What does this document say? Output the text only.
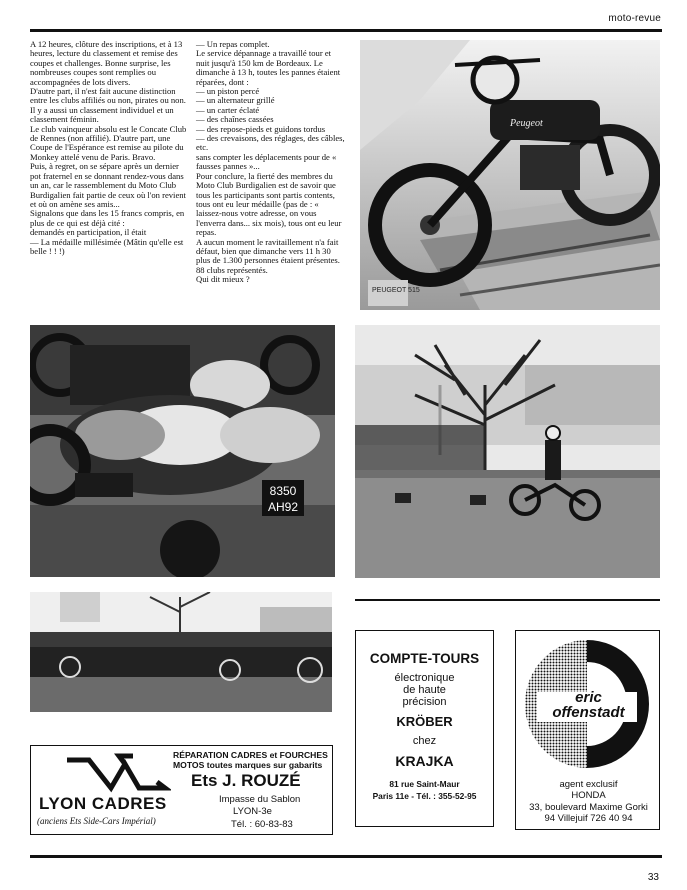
moto-revue

A 12 heures, clôture des inscriptions, et à 13 heures, lecture du classement et remise des coupes et challenges. Bonne surprise, les nombreuses coupes sont remplies ou accompagnées de lots divers.

D'autre part, il n'est fait aucune distinction entre les clubs affiliés ou non, pirates ou non. Il y a aussi un classement individuel et un classement féminin.

Le club vainqueur absolu est le Concate Club de Rennes (non affilié). D'autre part, une Coupe de l'Espérance est remise au pilote du Monkey attelé venu de Paris. Bravo.

Puis, à regret, on se sépare après un dernier pot fraternel en se donnant rendez-vous dans un an, car le rassemblement du Moto Club Burdigalien fait partie de ceux où l'on revient et où on amène ses amis...

Signalons que dans les 15 francs compris, en plus de ce qui est déjà cité :

demandés en participation, il était

— La médaille millésimée (Mâtin qu'elle est belle ! ! !)

— Un repas complet.

Le service dépannage a travaillé tour et nuit jusqu'à 150 km de Bordeaux. Le dimanche à 13 h, toutes les pannes étaient réparées, dont :

— un piston percé

— un alternateur grillé

— un carter éclaté

— des chaînes cassées

— des repose-pieds et guidons tordus

— des crevaisons, des réglages, des câbles, etc.

sans compter les déplacements pour de « fausses pannes »...

Pour conclure, la fierté des membres du Moto Club Burdigalien est de savoir que tous les participants sont partis contents, tous ont eu leur médaille (pas de : « laissez-nous votre adresse, on vous l'enverra dans... six mois), tous ont eu leur repas.

A aucun moment le ravitaillement n'a fait défaut, bien que dimanche vers 11 h 30 plus de 1.300 personnes étaient présentes. 88 clubs représentés.

Qui dit mieux ?

Peugeot
PEUGEOT 515
8350
AH92
RÉPARATION CADRES et FOURCHES
MOTOS toutes marques sur gabarits
Ets J. ROUZÉ
LYON CADRES
(anciens Ets Side-Cars Impérial)
Impasse du Sablon
LYON-3e
Tél. : 60-83-83
COMPTE-TOURS
électronique
de haute
précision
KRÖBER
chez
KRAJKA
81 rue Saint-Maur
Paris 11e - Tél. : 355-52-95
eric
offenstadt
agent exclusif
HONDA
33, boulevard Maxime Gorki
94 Villejuif 726 40 94
33
